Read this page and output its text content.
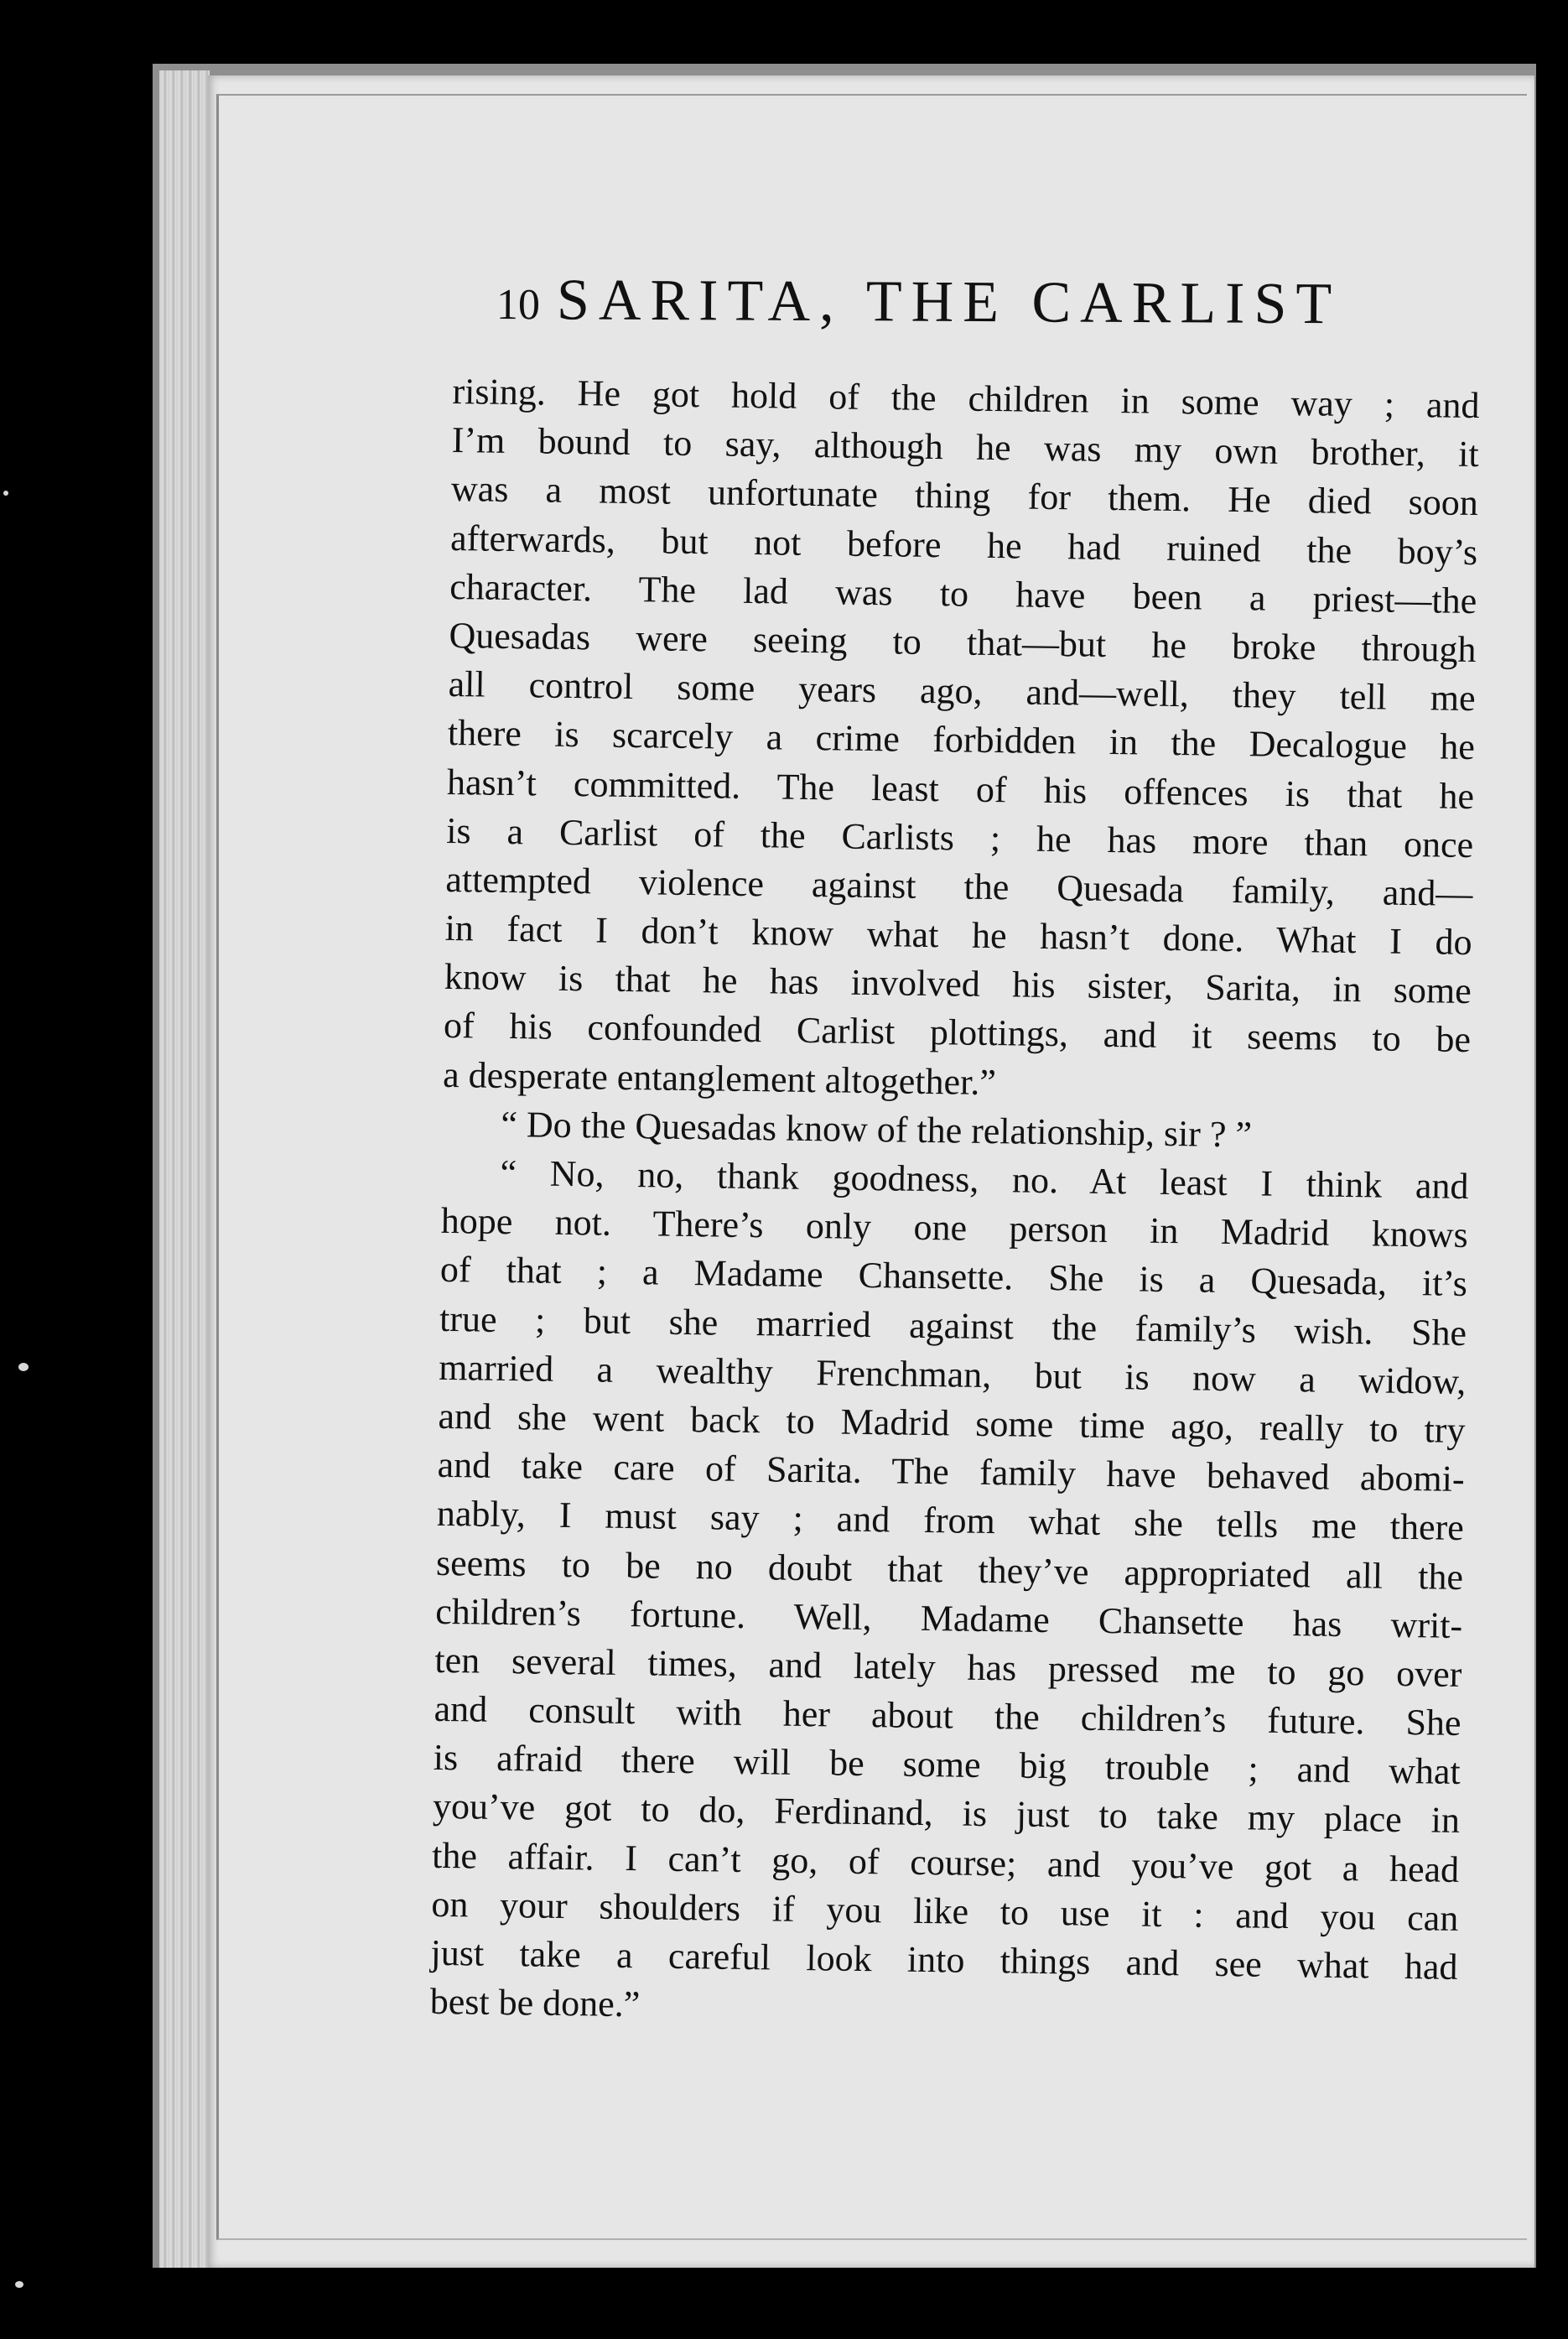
10 SARITA, THE CARLIST
rising. He got hold of the children in some way ; and
I’m bound to say, although he was my own brother, it
was a most unfortunate thing for them. He died soon
afterwards, but not before he had ruined the boy’s
character. The lad was to have been a priest—the
Quesadas were seeing to that—but he broke through
all control some years ago, and—well, they tell me
there is scarcely a crime forbidden in the Decalogue he
hasn’t committed. The least of his offences is that he
is a Carlist of the Carlists ; he has more than once
attempted violence against the Quesada family, and—
in fact I don’t know what he hasn’t done. What I do
know is that he has involved his sister, Sarita, in some
of his confounded Carlist plottings, and it seems to be
a desperate entanglement altogether.”
“ Do the Quesadas know of the relationship, sir ? ”
“ No, no, thank goodness, no. At least I think and
hope not. There’s only one person in Madrid knows
of that ; a Madame Chansette. She is a Quesada, it’s
true ; but she married against the family’s wish. She
married a wealthy Frenchman, but is now a widow,
and she went back to Madrid some time ago, really to try
and take care of Sarita. The family have behaved abomi-
nably, I must say ; and from what she tells me there
seems to be no doubt that they’ve appropriated all the
children’s fortune. Well, Madame Chansette has writ-
ten several times, and lately has pressed me to go over
and consult with her about the children’s future. She
is afraid there will be some big trouble ; and what
you’ve got to do, Ferdinand, is just to take my place in
the affair. I can’t go, of course; and you’ve got a head
on your shoulders if you like to use it : and you can
just take a careful look into things and see what had
best be done.”
